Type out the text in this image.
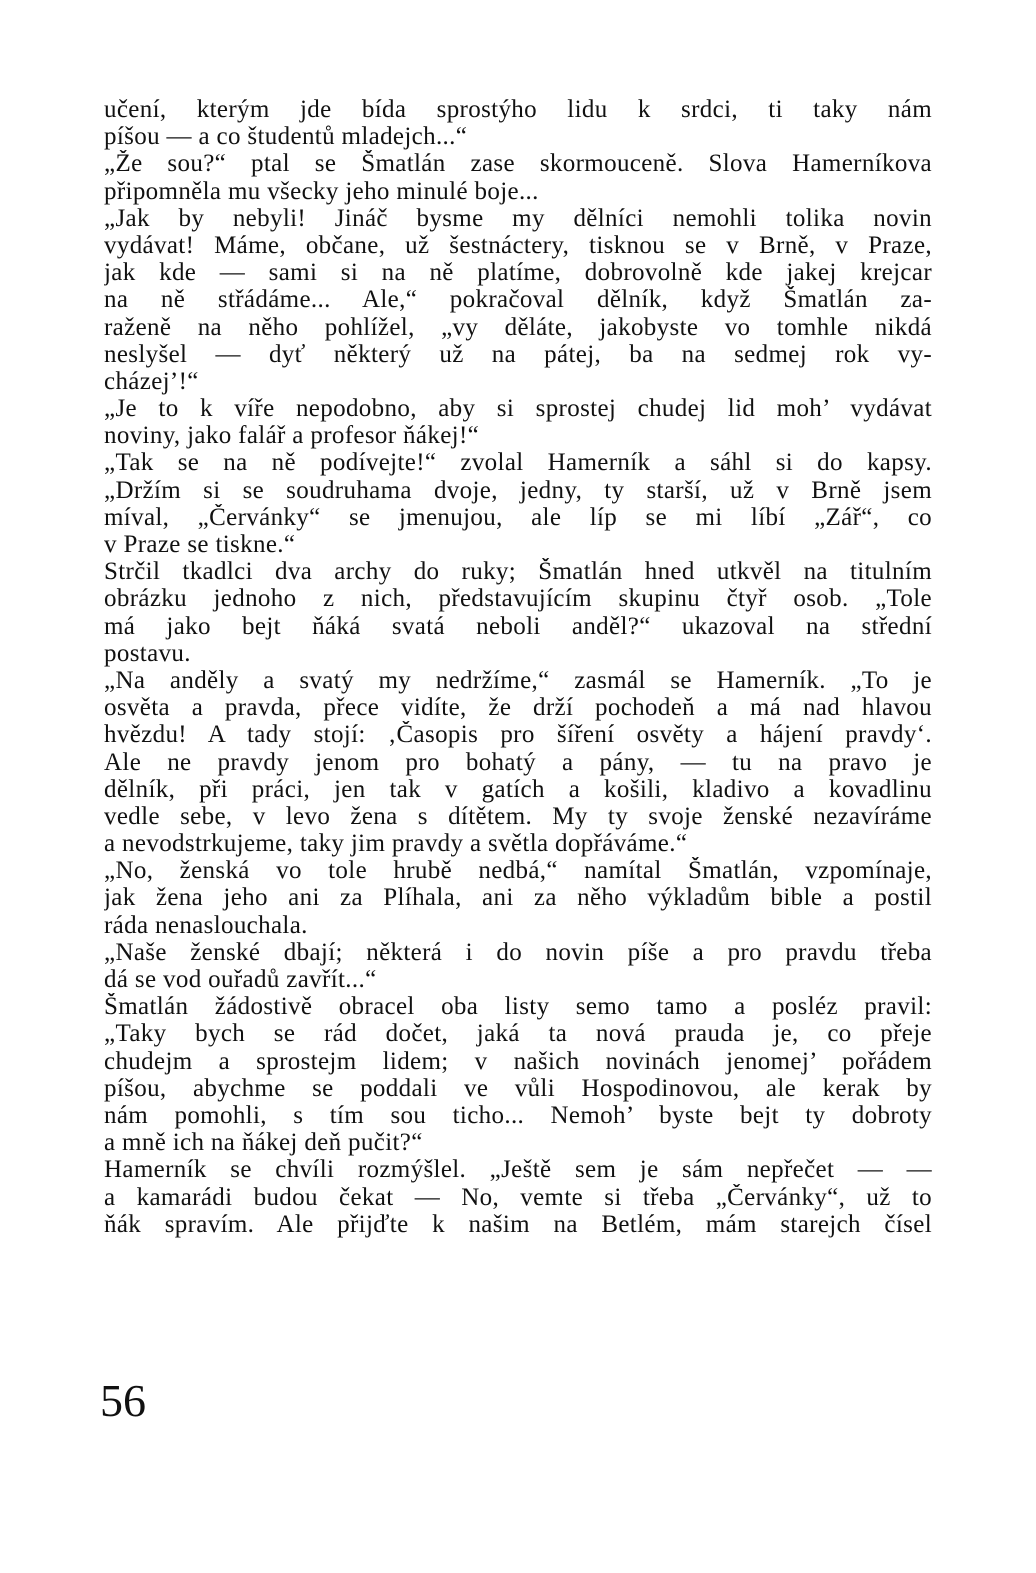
učení, kterým jde bída sprostýho lidu k srdci, ti taky nám
píšou — a co študentů mladejch...“
„Že sou?“ ptal se Šmatlán zase skormouceně. Slova Hamerníkova
připomněla mu všecky jeho minulé boje...
„Jak by nebyli! Jináč bysme my dělníci nemohli tolika novin
vydávat! Máme, občane, už šestnáctery, tisknou se v Brně, v Praze,
jak kde — sami si na ně platíme, dobrovolně kde jakej krejcar
na ně střádáme... Ale,“ pokračoval dělník, když Šmatlán za-
raženě na něho pohlížel, „vy děláte, jakobyste vo tomhle nikdá
neslyšel — dyť některý už na pátej, ba na sedmej rok vy-
cházej’!“
„Je to k víře nepodobno, aby si sprostej chudej lid moh’ vydávat
noviny, jako falář a profesor ňákej!“
„Tak se na ně podívejte!“ zvolal Hamerník a sáhl si do kapsy.
„Držím si se soudruhama dvoje, jedny, ty starší, už v Brně jsem
míval, „Červánky“ se jmenujou, ale líp se mi líbí „Zář“, co
v Praze se tiskne.“
Strčil tkadlci dva archy do ruky; Šmatlán hned utkvěl na titulním
obrázku jednoho z nich, představujícím skupinu čtyř osob. „Tole
má jako bejt ňáká svatá neboli anděl?“ ukazoval na střední
postavu.
„Na anděly a svatý my nedržíme,“ zasmál se Hamerník. „To je
osvěta a pravda, přece vidíte, že drží pochodeň a má nad hlavou
hvězdu! A tady stojí: ‚Časopis pro šíření osvěty a hájení pravdy‘.
Ale ne pravdy jenom pro bohatý a pány, — tu na pravo je
dělník, při práci, jen tak v gatích a košili, kladivo a kovadlinu
vedle sebe, v levo žena s dítětem. My ty svoje ženské nezavíráme
a nevodstrkujeme, taky jim pravdy a světla dopřáváme.“
„No, ženská vo tole hrubě nedbá,“ namítal Šmatlán, vzpomínaje,
jak žena jeho ani za Plíhala, ani za něho výkladům bible a postil
ráda nenaslouchala.
„Naše ženské dbají; některá i do novin píše a pro pravdu třeba
dá se vod ouřadů zavřít...“
Šmatlán žádostivě obracel oba listy semo tamo a posléz pravil:
„Taky bych se rád dočet, jaká ta nová prauda je, co přeje
chudejm a sprostejm lidem; v našich novinách jenomej’ pořádem
píšou, abychme se poddali ve vůli Hospodinovou, ale kerak by
nám pomohli, s tím sou ticho... Nemoh’ byste bejt ty dobroty
a mně ich na ňákej deň pučit?“
Hamerník se chvíli rozmýšlel. „Ještě sem je sám nepřečet — —
a kamarádi budou čekat — No, vemte si třeba „Červánky“, už to
ňák spravím. Ale přijďte k našim na Betlém, mám starejch čísel
56
